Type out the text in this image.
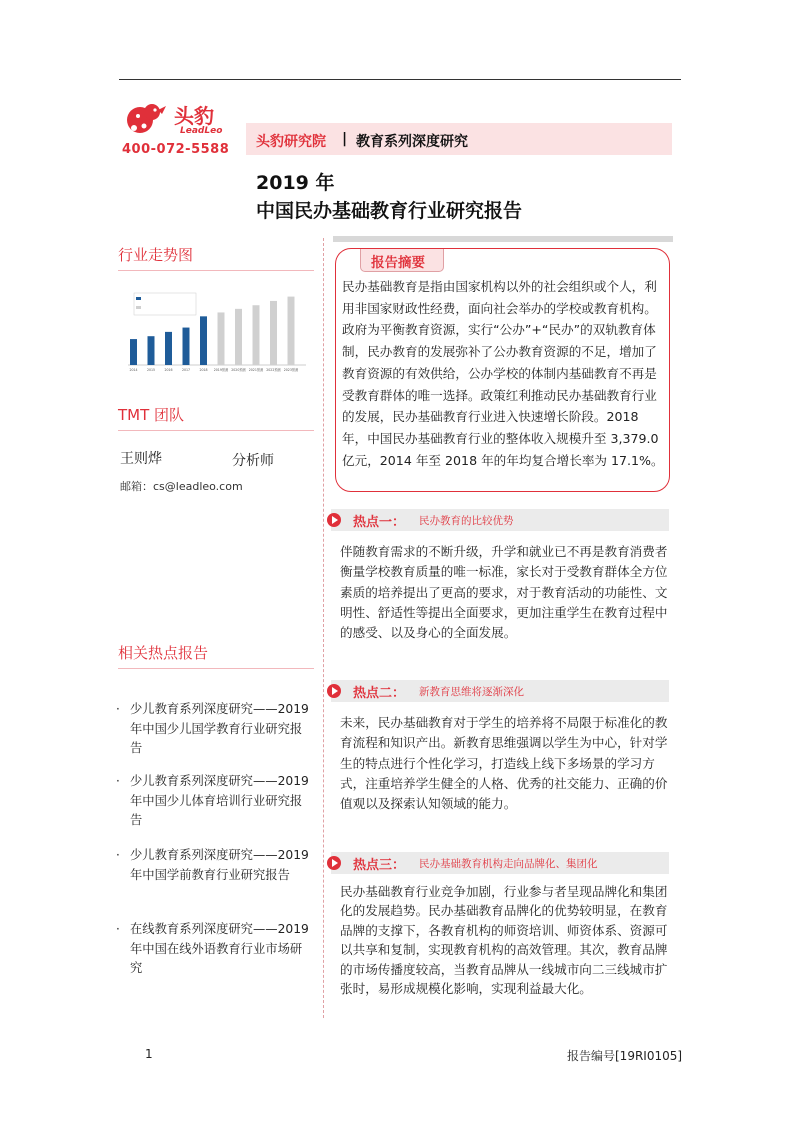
头豹
LeadLeo
400-072-5588 头豹研究院 | 教育系列深度研究
2019 年
中国民办基础教育行业研究报告
行业走势图
2014	2015	2016	2017	2018 2019预测 2020预测 2021预测 2022预测 2023预测
TMT 团队
王则烨	分析师
邮箱：cs@leadleo.com
相关热点报告
· 少儿教育系列深度研究——2019 年中国少儿国学教育行业研究报告
· 少儿教育系列深度研究——2019 年中国少儿体育培训行业研究报告
· 少儿教育系列深度研究——2019 年中国学前教育行业研究报告
· 在线教育系列深度研究——2019 年中国在线外语教育行业市场研究
报告摘要
民办基础教育是指由国家机构以外的社会组织或个人，利用非国家财政性经费，面向社会举办的学校或教育机构。政府为平衡教育资源，实行“公办”+“民办”的双轨教育体制，民办教育的发展弥补了公办教育资源的不足，增加了教育资源的有效供给，公办学校的体制内基础教育不再是受教育群体的唯一选择。政策红利推动民办基础教育行业的发展，民办基础教育行业进入快速增长阶段。2018 年，中国民办基础教育行业的整体收入规模升至 3,379.0 亿元，2014 年至 2018 年的年均复合增长率为 17.1%。
热点一： 民办教育的比较优势
伴随教育需求的不断升级，升学和就业已不再是教育消费者衡量学校教育质量的唯一标准，家长对于受教育群体全方位素质的培养提出了更高的要求，对于教育活动的功能性、文明性、舒适性等提出全面要求，更加注重学生在教育过程中的感受、以及身心的全面发展。
热点二： 新教育思维将逐渐深化
未来，民办基础教育对于学生的培养将不局限于标准化的教育流程和知识产出。新教育思维强调以学生为中心，针对学生的特点进行个性化学习，打造线上线下多场景的学习方式，注重培养学生健全的人格、优秀的社交能力、正确的价值观以及探索认知领域的能力。
热点三： 民办基础教育机构走向品牌化、集团化
民办基础教育行业竞争加剧，行业参与者呈现品牌化和集团化的发展趋势。民办基础教育品牌化的优势较明显，在教育品牌的支撑下，各教育机构的师资培训、师资体系、资源可以共享和复制，实现教育机构的高效管理。其次，教育品牌的市场传播度较高，当教育品牌从一线城市向二三线城市扩张时，易形成规模化影响，实现利益最大化。
1	报告编号[19RI0105]
